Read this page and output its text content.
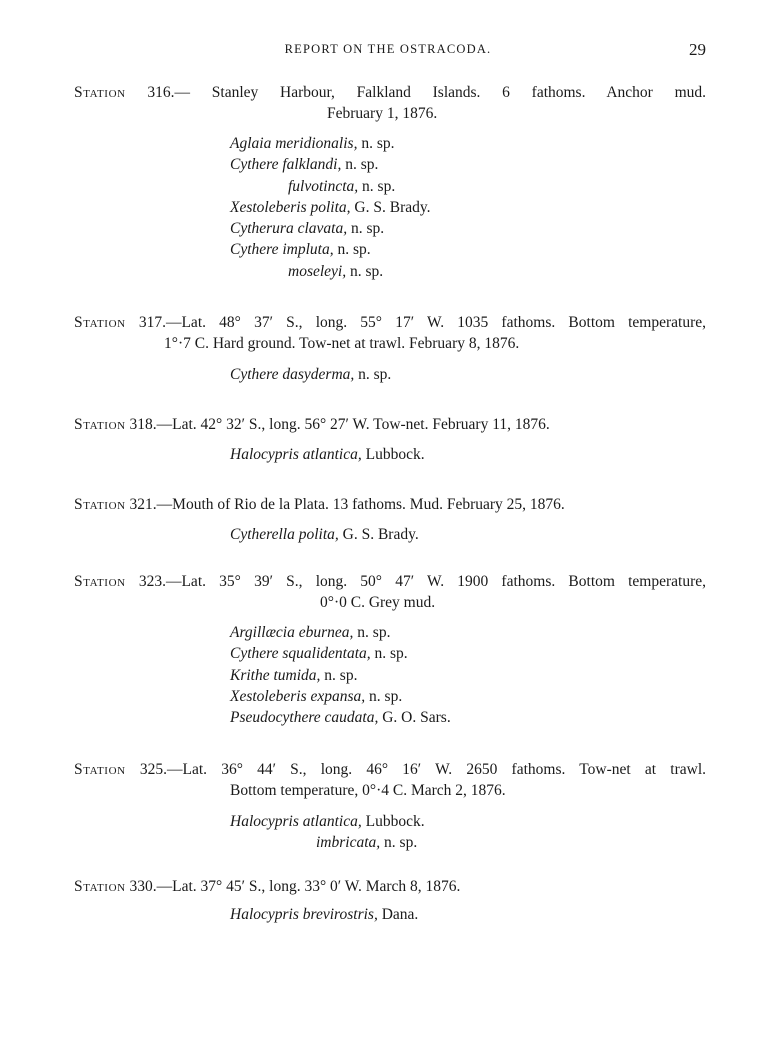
REPORT ON THE OSTRACODA.	29
Station 316.— Stanley Harbour, Falkland Islands. 6 fathoms. Anchor mud.
February 1, 1876.
Aglaia meridionalis, n. sp.
Cythere falklandi, n. sp.
fulvotincta, n. sp.
Xestoleberis polita, G. S. Brady.
Cytherura clavata, n. sp.
Cythere impluta, n. sp.
moseleyi, n. sp.
Station 317.—Lat. 48° 37′ S., long. 55° 17′ W. 1035 fathoms. Bottom temperature,
1°·7 C. Hard ground. Tow-net at trawl. February 8, 1876.
Cythere dasyderma, n. sp.
Station 318.—Lat. 42° 32′ S., long. 56° 27′ W. Tow-net. February 11, 1876.
Halocypris atlantica, Lubbock.
Station 321.—Mouth of Rio de la Plata. 13 fathoms. Mud. February 25, 1876.
Cytherella polita, G. S. Brady.
Station 323.—Lat. 35° 39′ S., long. 50° 47′ W. 1900 fathoms. Bottom temperature,
0°·0 C. Grey mud.
Argillæcia eburnea, n. sp.
Cythere squalidentata, n. sp.
Krithe tumida, n. sp.
Xestoleberis expansa, n. sp.
Pseudocythere caudata, G. O. Sars.
Station 325.—Lat. 36° 44′ S., long. 46° 16′ W. 2650 fathoms. Tow-net at trawl.
Bottom temperature, 0°·4 C. March 2, 1876.
Halocypris atlantica, Lubbock.
imbricata, n. sp.
Station 330.—Lat. 37° 45′ S., long. 33° 0′ W. March 8, 1876.
Halocypris brevirostris, Dana.
